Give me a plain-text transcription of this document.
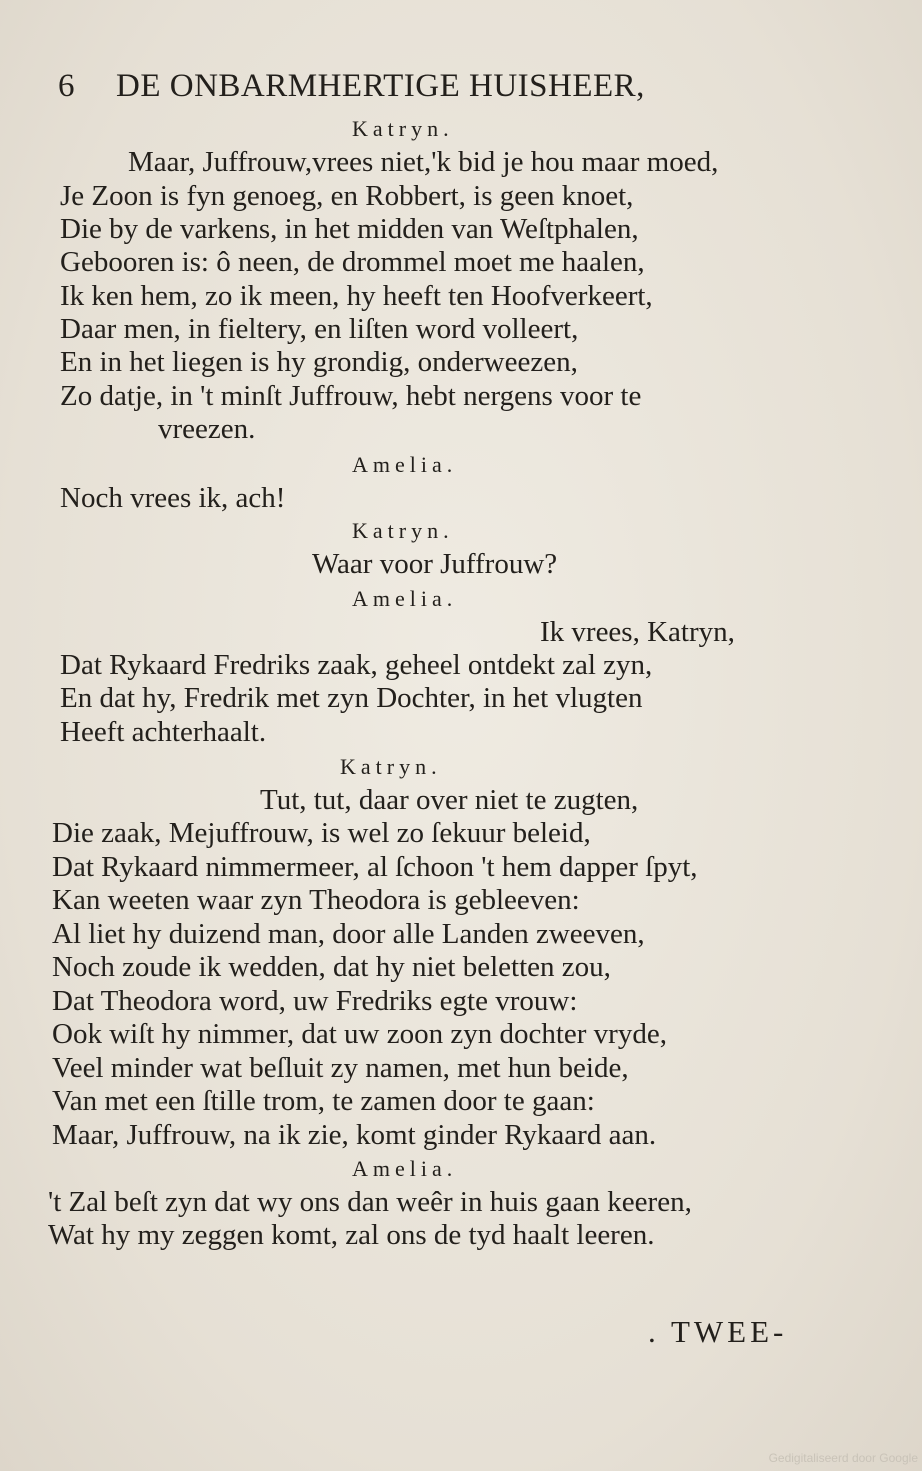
6 DE ONBARMHERTIGE HUISHEER,
Katryn.
Maar, Juffrouw,vrees niet,'k bid je hou maar moed,
Je Zoon is fyn genoeg, en Robbert, is geen knoet,
Die by de varkens, in het midden van Weſtphalen,
Gebooren is: ô neen, de drommel moet me haalen,
Ik ken hem, zo ik meen, hy heeft ten Hoofverkeert,
Daar men, in fieltery, en liſten word volleert,
En in het liegen is hy grondig, onderweezen,
Zo datje, in 't minſt Juffrouw, hebt nergens voor te
vreezen.
Amelia.
Noch vrees ik, ach!
Katryn.
Waar voor Juffrouw?
Amelia.
Ik vrees, Katryn,
Dat Rykaard Fredriks zaak, geheel ontdekt zal zyn,
En dat hy, Fredrik met zyn Dochter, in het vlugten
Heeft achterhaalt.
Katryn.
Tut, tut, daar over niet te zugten,
Die zaak, Mejuffrouw, is wel zo ſekuur beleid,
Dat Rykaard nimmermeer, al ſchoon 't hem dapper ſpyt,
Kan weeten waar zyn Theodora is gebleeven:
Al liet hy duizend man, door alle Landen zweeven,
Noch zoude ik wedden, dat hy niet beletten zou,
Dat Theodora word, uw Fredriks egte vrouw:
Ook wiſt hy nimmer, dat uw zoon zyn dochter vryde,
Veel minder wat beſluit zy namen, met hun beide,
Van met een ſtille trom, te zamen door te gaan:
Maar, Juffrouw, na ik zie, komt ginder Rykaard aan.
Amelia.
't Zal beſt zyn dat wy ons dan weêr in huis gaan keeren,
Wat hy my zeggen komt, zal ons de tyd haalt leeren.
. TWEE-
Gedigitaliseerd door Google
